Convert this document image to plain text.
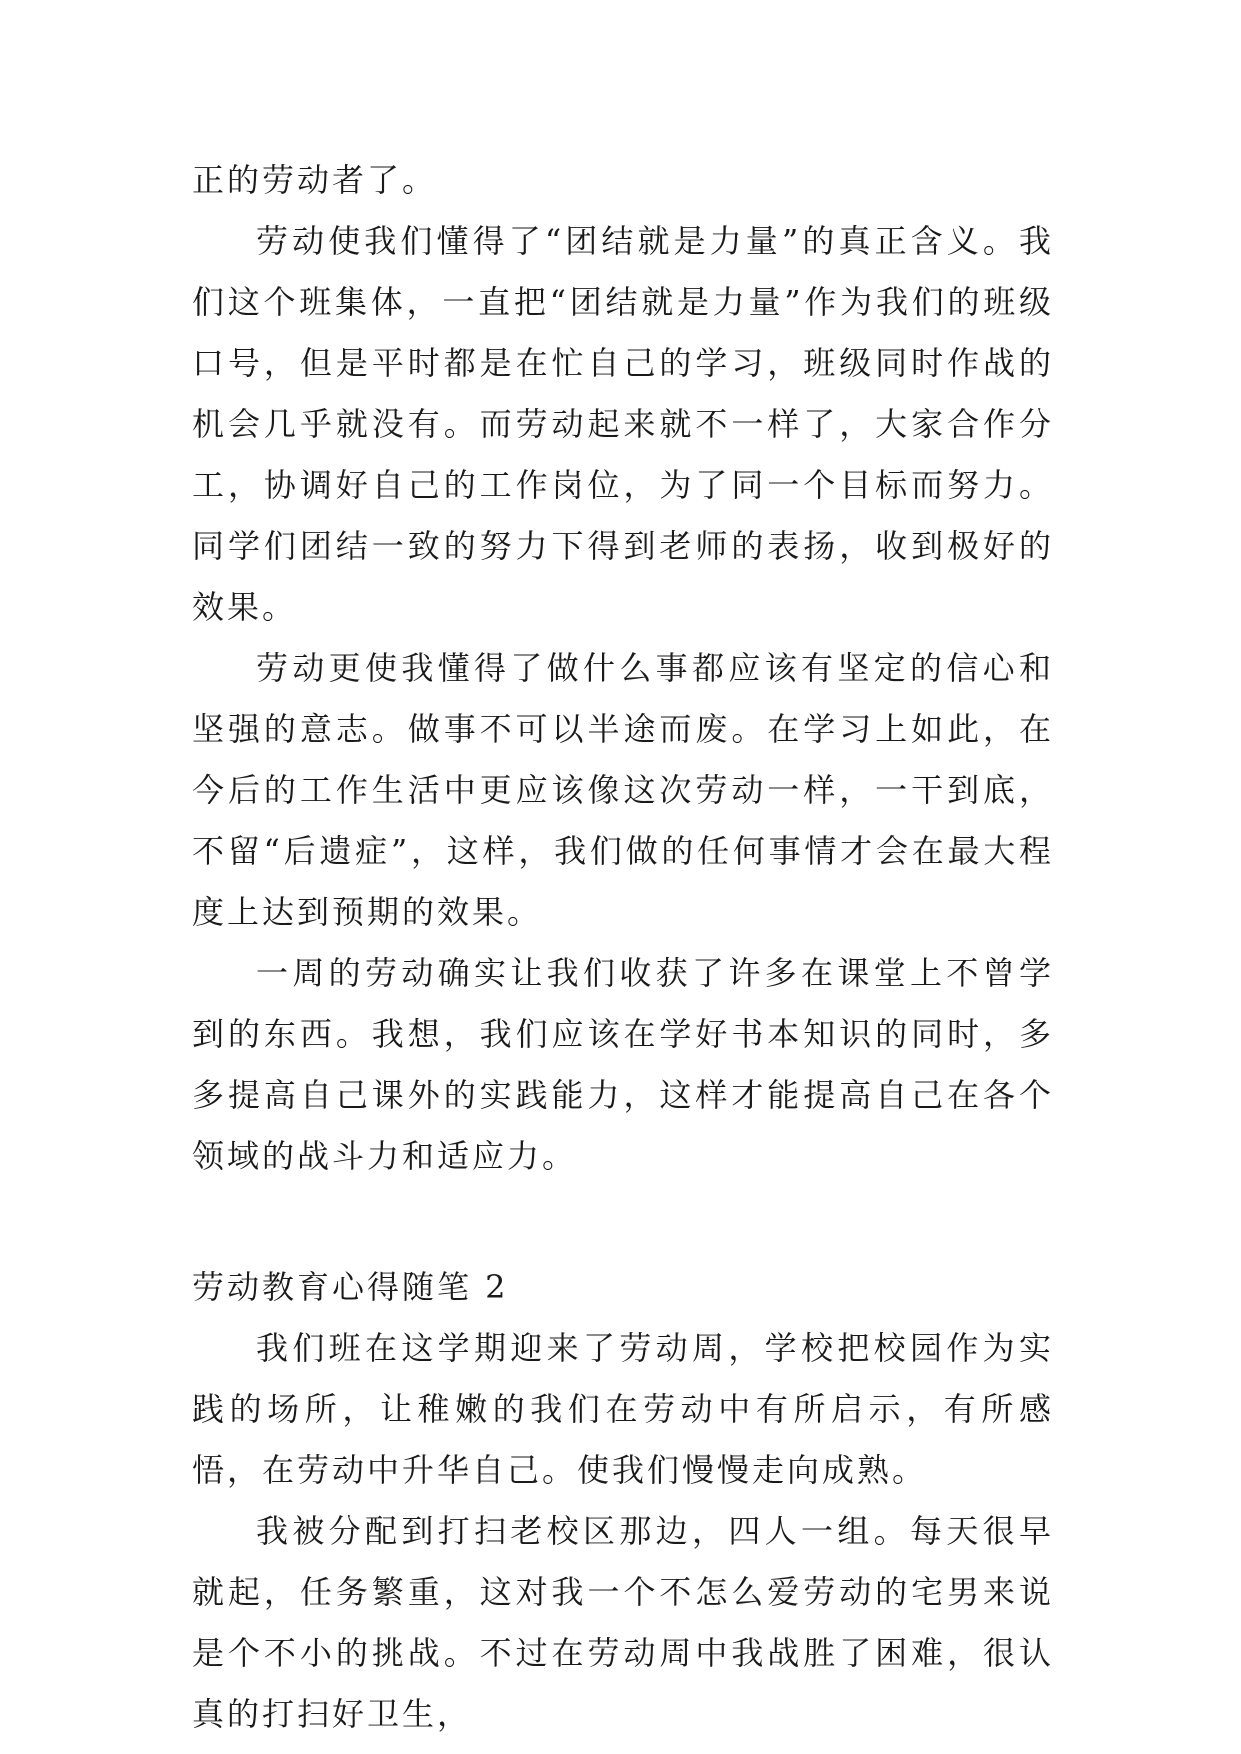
正的劳动者了。

劳动使我们懂得了“团结就是力量”的真正含义。我们这个班集体，一直把“团结就是力量”作为我们的班级口号，但是平时都是在忙自己的学习，班级同时作战的机会几乎就没有。而劳动起来就不一样了，大家合作分工，协调好自己的工作岗位，为了同一个目标而努力。同学们团结一致的努力下得到老师的表扬，收到极好的效果。

劳动更使我懂得了做什么事都应该有坚定的信心和坚强的意志。做事不可以半途而废。在学习上如此，在今后的工作生活中更应该像这次劳动一样，一干到底，不留“后遗症”，这样，我们做的任何事情才会在最大程度上达到预期的效果。

一周的劳动确实让我们收获了许多在课堂上不曾学到的东西。我想，我们应该在学好书本知识的同时，多多提高自己课外的实践能力，这样才能提高自己在各个领域的战斗力和适应力。

劳动教育心得随笔 2

我们班在这学期迎来了劳动周，学校把校园作为实践的场所，让稚嫩的我们在劳动中有所启示，有所感悟，在劳动中升华自己。使我们慢慢走向成熟。

我被分配到打扫老校区那边，四人一组。每天很早就起，任务繁重，这对我一个不怎么爱劳动的宅男来说是个不小的挑战。不过在劳动周中我战胜了困难，很认真的打扫好卫生，
